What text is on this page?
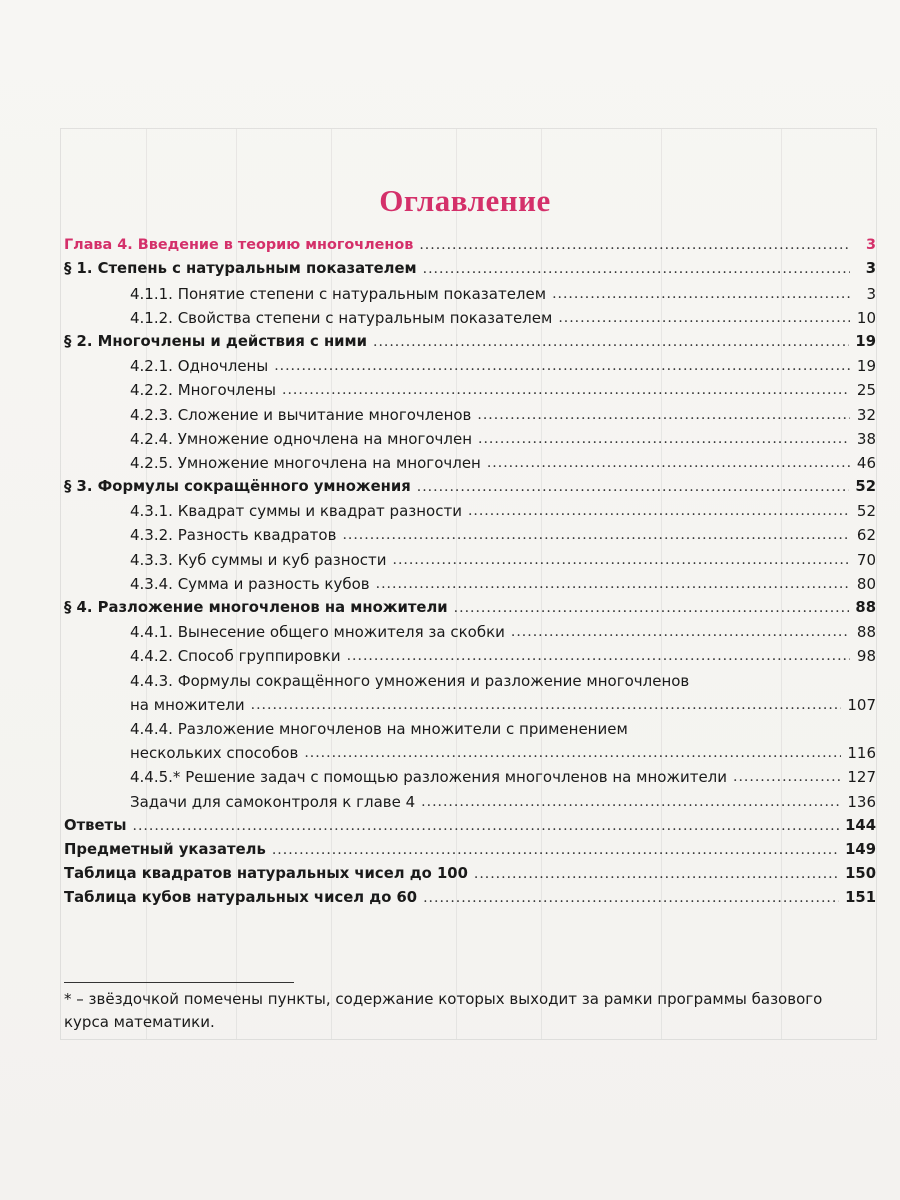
Оглавление
Глава 4. Введение в теорию многочленов .....	3
§ 1. Степень с натуральным показателем .....	3
4.1.1. Понятие степени с натуральным показателем .....	3
4.1.2. Свойства степени с натуральным показателем .....	10
§ 2. Многочлены и действия с ними .....	19
4.2.1. Одночлены .....	19
4.2.2. Многочлены .....	25
4.2.3. Сложение и вычитание многочленов .....	32
4.2.4. Умножение одночлена на многочлен .....	38
4.2.5. Умножение многочлена на многочлен .....	46
§ 3. Формулы сокращённого умножения .....	52
4.3.1. Квадрат суммы и квадрат разности .....	52
4.3.2. Разность квадратов .....	62
4.3.3. Куб суммы и куб разности .....	70
4.3.4. Сумма и разность кубов .....	80
§ 4. Разложение многочленов на множители .....	88
4.4.1. Вынесение общего множителя за скобки .....	88
4.4.2. Способ группировки .....	98
4.4.3. Формулы сокращённого умножения и разложение многочленов
на множители .....	107
4.4.4. Разложение многочленов на множители с применением
нескольких способов .....	116
4.4.5.* Решение задач с помощью разложения многочленов на множители .....	127
Задачи для самоконтроля к главе 4 .....	136
Ответы .....	144
Предметный указатель .....	149
Таблица квадратов натуральных чисел до 100 .....	150
Таблица кубов натуральных чисел до 60 .....	151
* – звёздочкой помечены пункты, содержание которых выходит за рамки программы базового курса математики.
